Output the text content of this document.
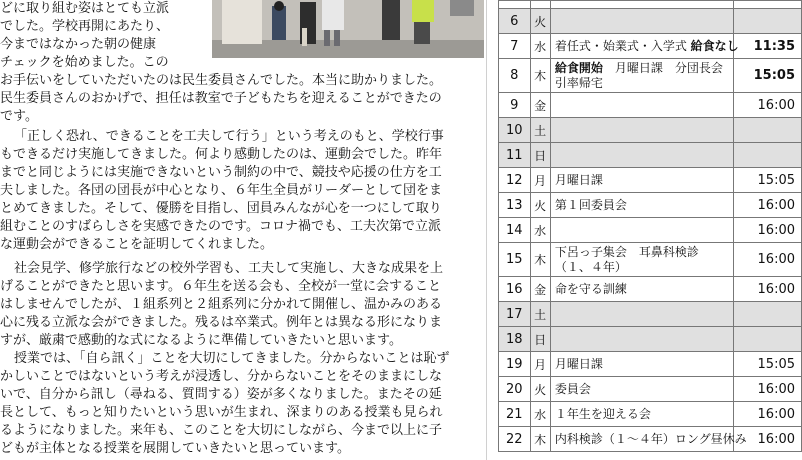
どに取り組む姿はとても立派
でした。学校再開にあたり、
今まではなかった朝の健康
チェックを始めました。この
お手伝いをしていただいたのは民生委員さんでした。本当に助かりました。
民生委員さんのおかげで、担任は教室で子どもたちを迎えることができたの
です。
「正しく恐れ、できることを工夫して行う」という考えのもと、学校行事
もできるだけ実施してきました。何より感動したのは、運動会でした。昨年
までと同じようには実施できないという制約の中で、競技や応援の仕方を工
夫しました。各団の団長が中心となり、６年生全員がリーダーとして団をま
とめてきました。そして、優勝を目指し、団員みんなが心を一つにして取り
組むことのすばらしさを実感できたのです。コロナ禍でも、工夫次第で立派
な運動会ができることを証明してくれました。
社会見学、修学旅行などの校外学習も、工夫して実施し、大きな成果を上
げることができたと思います。６年生を送る会も、全校が一堂に会すること
はしませんでしたが、１組系列と２組系列に分かれて開催し、温かみのある
心に残る立派な会ができました。残るは卒業式。例年とは異なる形になりま
すが、厳粛で感動的な式になるように準備していきたいと思います。
授業では、「自ら訊く」ことを大切にしてきました。分からないことは恥ず
かしいことではないという考えが浸透し、分からないことをそのままにしな
いで、自分から訊し（尋ねる、質問する）姿が多くなりました。またその延
長として、もっと知りたいという思いが生まれ、深まりのある授業も見られ
るようになりました。来年も、このことを大切にしながら、今まで以上に子
どもが主体となる授業を展開していきたいと思っています。

6	火		
7	水	着任式・始業式・入学式 給食なし	11:35
8	木	給食開始　月曜日課　分団長会
引率帰宅	15:05
9	金		16:00
10	土		
11	日		
12	月	月曜日課	15:05
13	火	第１回委員会	16:00
14	水		16:00
15	木	下呂っ子集会　耳鼻科検診（１、４年）	16:00
16	金	命を守る訓練	16:00
17	土		
18	日		
19	月	月曜日課	15:05
20	火	委員会	16:00
21	水	１年生を迎える会	16:00
22	木	内科検診（１～４年）ロング昼休み	16:00
